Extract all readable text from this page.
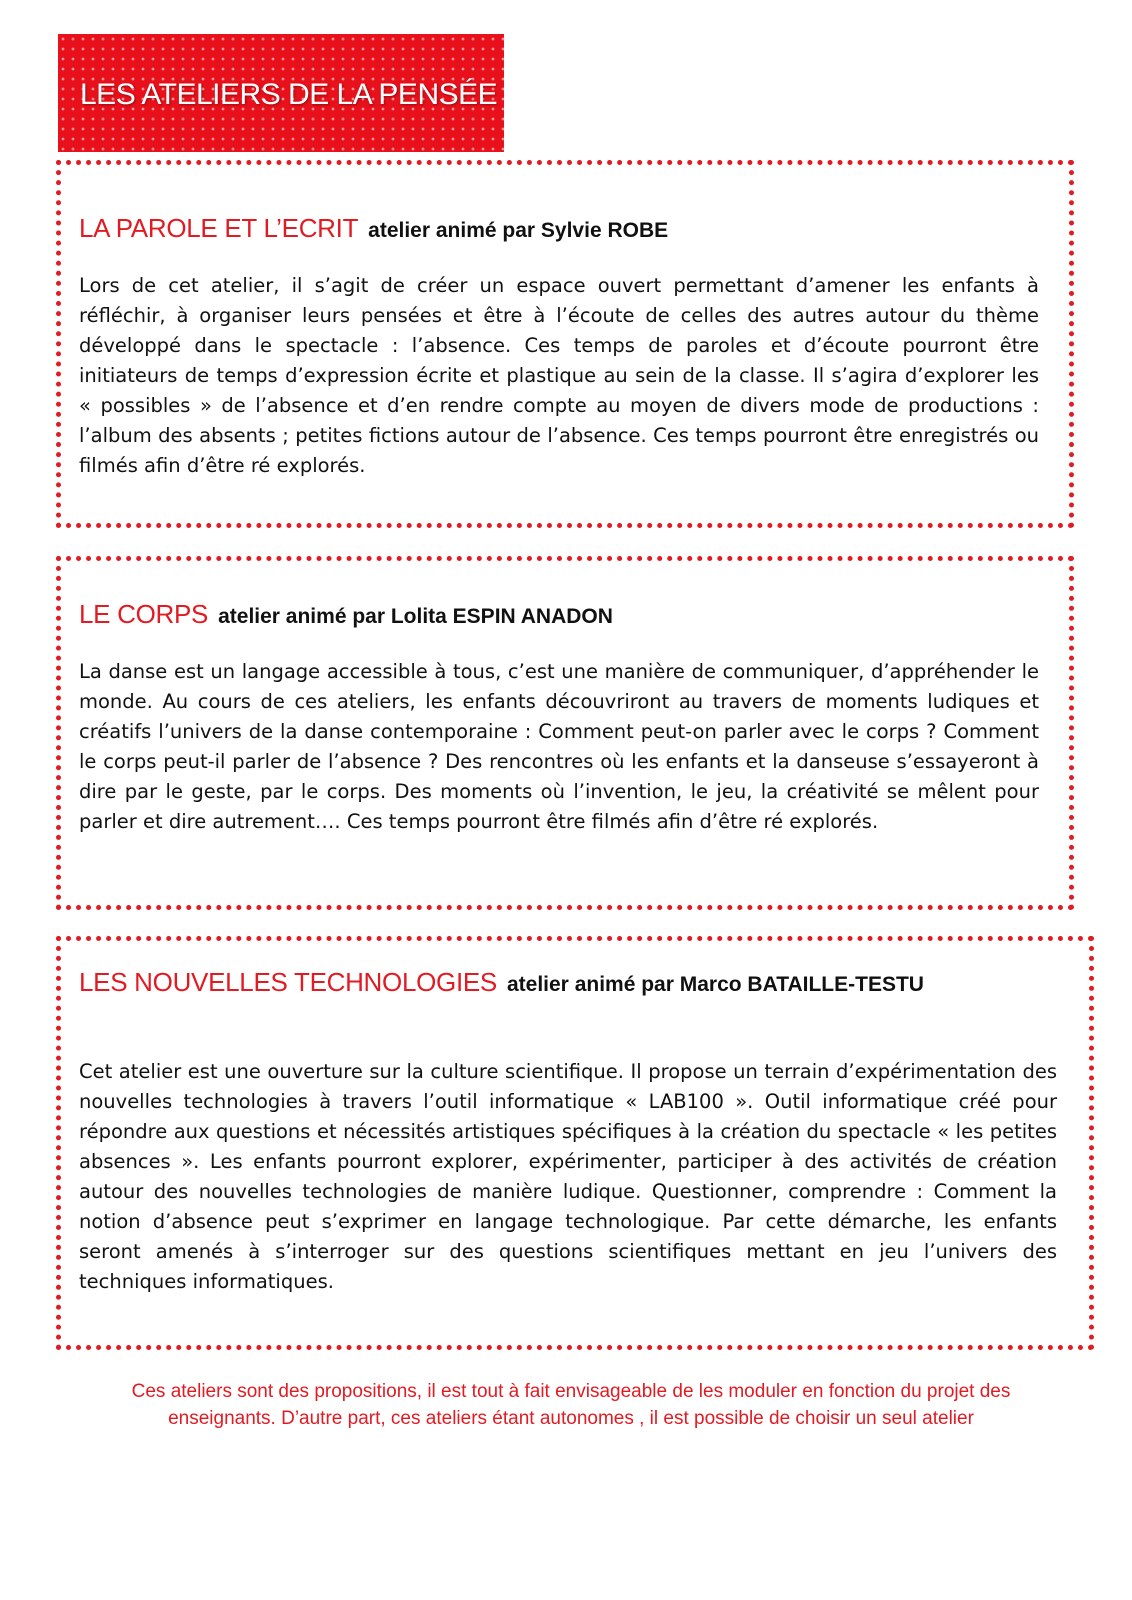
LES ATELIERS DE LA PENSÉE

LA PAROLE ET L’ECRIT atelier animé par Sylvie ROBE

Lors de cet atelier, il s’agit de créer un espace ouvert permettant d’amener les enfants à réfléchir, à organiser leurs pensées et être à l’écoute de celles des autres autour du thème développé dans le spectacle : l’absence. Ces temps de paroles et d’écoute pourront être initiateurs de temps d’expression écrite et plastique au sein de la classe. Il s’agira d’explorer les « possibles » de l’absence et d’en rendre compte au moyen de divers mode de productions : l’album des absents ; petites fictions autour de l’absence. Ces temps pourront être enregistrés ou filmés afin d’être ré explorés.

LE CORPS atelier animé par Lolita ESPIN ANADON

La danse est un langage accessible à tous, c’est une manière de communiquer, d’appréhender le monde. Au cours de ces ateliers, les enfants découvriront au travers de moments ludiques et créatifs l’univers de la danse contemporaine : Comment peut-on parler avec le corps ? Comment le corps peut-il parler de l’absence ? Des rencontres où les enfants et la danseuse s’essayeront à dire par le geste, par le corps. Des moments où l’invention, le jeu, la créativité se mêlent pour parler et dire autrement…. Ces temps pourront être filmés afin d’être ré explorés.

LES NOUVELLES TECHNOLOGIES atelier animé par Marco BATAILLE-TESTU

Cet atelier est une ouverture sur la culture scientifique. Il propose un terrain d’expérimentation des nouvelles technologies à travers l’outil informatique « LAB100 ». Outil informatique créé pour répondre aux questions et nécessités artistiques spécifiques à la création du spectacle « les petites absences ». Les enfants pourront explorer, expérimenter, participer à des activités de création autour des nouvelles technologies de manière ludique. Questionner, comprendre : Comment la notion d’absence peut s’exprimer en langage technologique. Par cette démarche, les enfants seront amenés à s’interroger sur des questions scientifiques mettant en jeu l’univers des techniques informatiques.

Ces ateliers sont des propositions, il est tout à fait envisageable de les moduler en fonction du projet des enseignants. D’autre part, ces ateliers étant autonomes , il est possible de choisir un seul atelier
